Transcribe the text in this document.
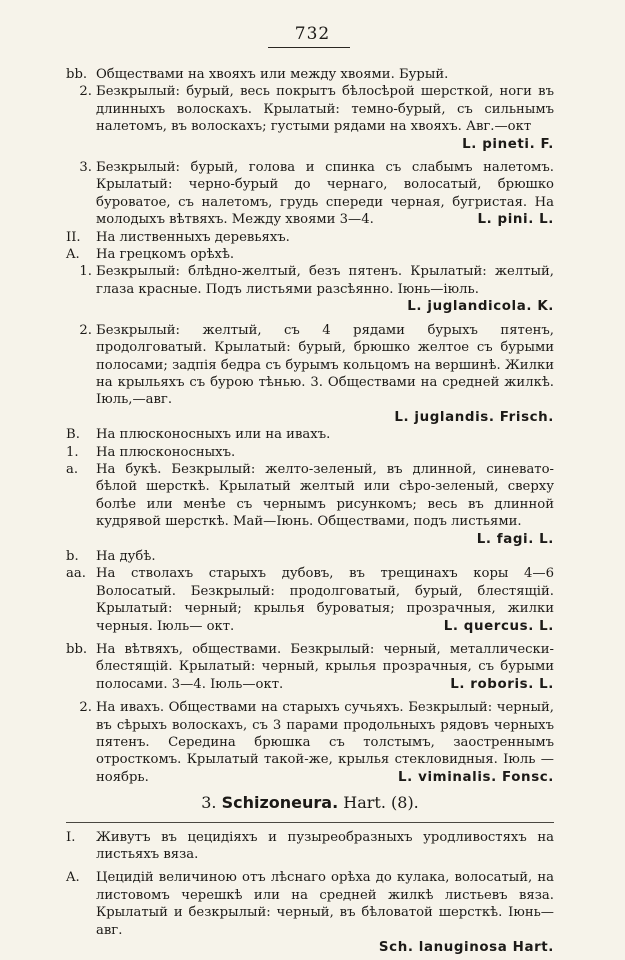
732
bb. Обществами на хвояхъ или между хвоями. Бурый.
2. Безкрылый: бурый, весь покрытъ бѣлосѣрой шерсткой, ноги въ длинныхъ волоскахъ. Крылатый: темно-бурый, съ сильнымъ налетомъ, въ волоскахъ; густыми рядами на хвояхъ. Авг.—окт
L. pineti. F.
3. Безкрылый: бурый, голова и спинка съ слабымъ налетомъ. Крылатый: черно-бурый до чернаго, волосатый, брюшко буроватое, съ налетомъ, грудь спереди черная, бугристая. На молодыхъ вѣтвяхъ. Между хвоями 3—4.	L. pini. L.
II.	На лиственныхъ деревьяхъ.
A.	На грецкомъ орѣхѣ.
1. Безкрылый: блѣдно-желтый, безъ пятенъ. Крылатый: желтый, глаза красные. Подъ листьями разсѣянно. Іюнь—іюль.
L. juglandicola. K.
2. Безкрылый: желтый, съ 4 рядами бурыхъ пятенъ, продолговатый. Крылатый: бурый, брюшко желтое съ бурыми полосами; задпія бедра съ бурымъ кольцомъ на вершинѣ. Жилки на крыльяхъ съ бурою тѣнью. 3. Обществами на средней жилкѣ. Іюль,—авг.
L. juglandis. Frisch.
B.	На плюсконосныхъ или на ивахъ.
1.	На плюсконосныхъ.
a.	На букѣ. Безкрылый: желто-зеленый, въ длинной, синевато-бѣлой шерсткѣ. Крылатый желтый или сѣро-зеленый, сверху болѣе или менѣе съ чернымъ рисункомъ; весь въ длинной кудрявой шерсткѣ. Май—Іюнь. Обществами, подъ листьями.
L. fagi. L.
b.	На дубѣ.
aa. На стволахъ старыхъ дубовъ, въ трещинахъ коры 4—6 Волосатый. Безкрылый: продолговатый, бурый, блестящій. Крылатый: черный; крылья буроватыя; прозрачныя, жилки черныя. Іюль— окт.	L. quercus. L.
bb. На вѣтвяхъ, обществами. Безкрылый: черный, металлически-блестящій. Крылатый: черный, крылья прозрачныя, съ бурыми полосами. 3—4. Іюль—окт.	L. roboris. L.
2. На ивахъ. Обществами на старыхъ сучьяхъ. Безкрылый: черный, въ сѣрыхъ волоскахъ, съ 3 парами продольныхъ рядовъ черныхъ пятенъ. Середина брюшка съ толстымъ, заостреннымъ отросткомъ. Крылатый такой-же, крылья стекловидныя. Іюль — ноябрь.	L. viminalis. Fonsc.
3. Schizoneura. Hart. (8).
I.	Живутъ въ цецидіяхъ и пузыреобразныхъ уродливостяхъ на листьяхъ вяза.
A.	Цецидій величиною отъ лѣснаго орѣха до кулака, волосатый, на листовомъ черешкѣ или на средней жилкѣ листьевъ вяза. Крылатый и безкрылый: черный, въ бѣловатой шерсткѣ. Іюнь—авг.
Sch. lanuginosa Hart.
